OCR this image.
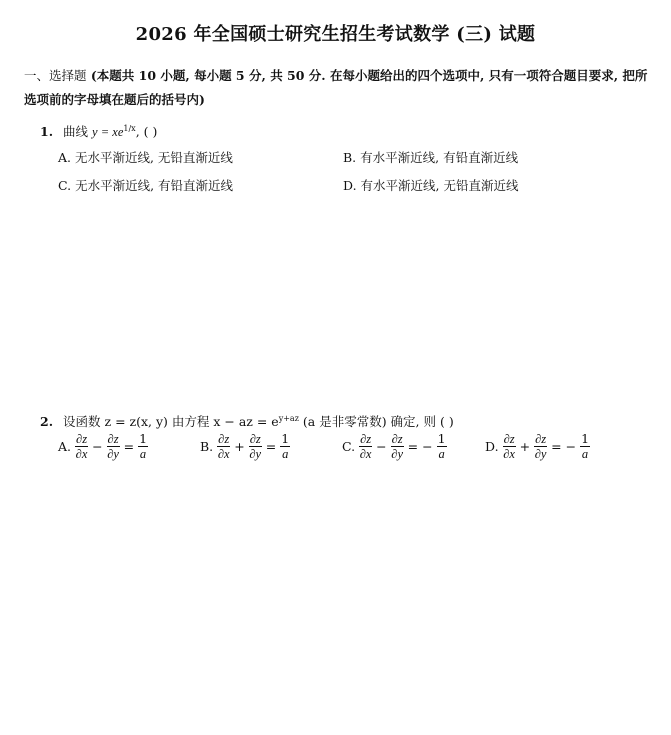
2026 年全国硕士研究生招生考试数学 (三) 试题
一、选择题 (本题共 10 小题, 每小题 5 分, 共 50 分. 在每小题给出的四个选项中, 只有一项符合题目要求, 把所选项前的字母填在题后的括号内)
1. 曲线 $y = xe^{1/x}$, ( )
A. 无水平渐近线, 无铅直渐近线	B. 有水平渐近线, 有铅直渐近线
C. 无水平渐近线, 有铅直渐近线	D. 有水平渐近线, 无铅直渐近线
2. 设函数 z = z(x, y) 由方程 x − az = $e^{y+az}$ (a 是非零常数) 确定, 则 ( )
A. $\frac{\partial z}{\partial x} - \frac{\partial z}{\partial y} = \frac{1}{a}$	B. $\frac{\partial z}{\partial x} + \frac{\partial z}{\partial y} = \frac{1}{a}$	C. $\frac{\partial z}{\partial x} - \frac{\partial z}{\partial y}$ = − $\frac{1}{a}$	D. $\frac{\partial z}{\partial x} + \frac{\partial z}{\partial y}$ = − $\frac{1}{a}$
